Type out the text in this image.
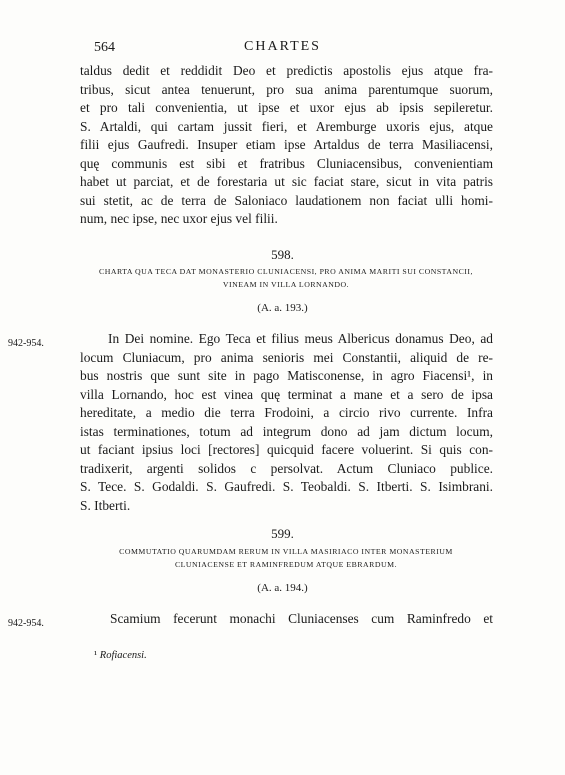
564	CHARTES
taldus dedit et reddidit Deo et predictis apostolis ejus atque fra-
tribus, sicut antea tenuerunt, pro sua anima parentumque suorum,
et pro tali convenientia, ut ipse et uxor ejus ab ipsis sepileretur.
S. Artaldi, qui cartam jussit fieri, et Aremburge uxoris ejus, atque
filii ejus Gaufredi. Insuper etiam ipse Artaldus de terra Masiliacensi,
quę communis est sibi et fratribus Cluniacensibus, convenientiam
habet ut parciat, et de forestaria ut sic faciat stare, sicut in vita patris
sui stetit, ac de terra de Saloniaco laudationem non faciat ulli homi-
num, nec ipse, nec uxor ejus vel filii.
598.
CHARTA QUA TECA DAT MONASTERIO CLUNIACENSI, PRO ANIMA MARITI SUI CONSTANCII,
VINEAM IN VILLA LORNANDO.
(A. a. 193.)
942-954.	In Dei nomine. Ego Teca et filius meus Albericus donamus Deo, ad
locum Cluniacum, pro anima senioris mei Constantii, aliquid de re-
bus nostris que sunt site in pago Matisconense, in agro Fiacensi¹, in
villa Lornando, hoc est vinea quę terminat a mane et a sero de ipsa
hereditate, a medio die terra Frodoini, a circio rivo currente. Infra
istas terminationes, totum ad integrum dono ad jam dictum locum,
ut faciant ipsius loci [rectores] quicquid facere voluerint. Si quis con-
tradixerit, argenti solidos c persolvat. Actum Cluniaco publice.
S. Tece. S. Godaldi. S. Gaufredi. S. Teobaldi. S. Itberti. S. Isimbrani.
S. Itberti.
599.
COMMUTATIO QUARUMDAM RERUM IN VILLA MASIRIACO INTER MONASTERIUM
CLUNIACENSE ET RAMINFREDUM ATQUE EBRARDUM.
(A. a. 194.)
942-954.	Scamium fecerunt monachi Cluniacenses cum Raminfredo et
¹ Rofiacensi.
